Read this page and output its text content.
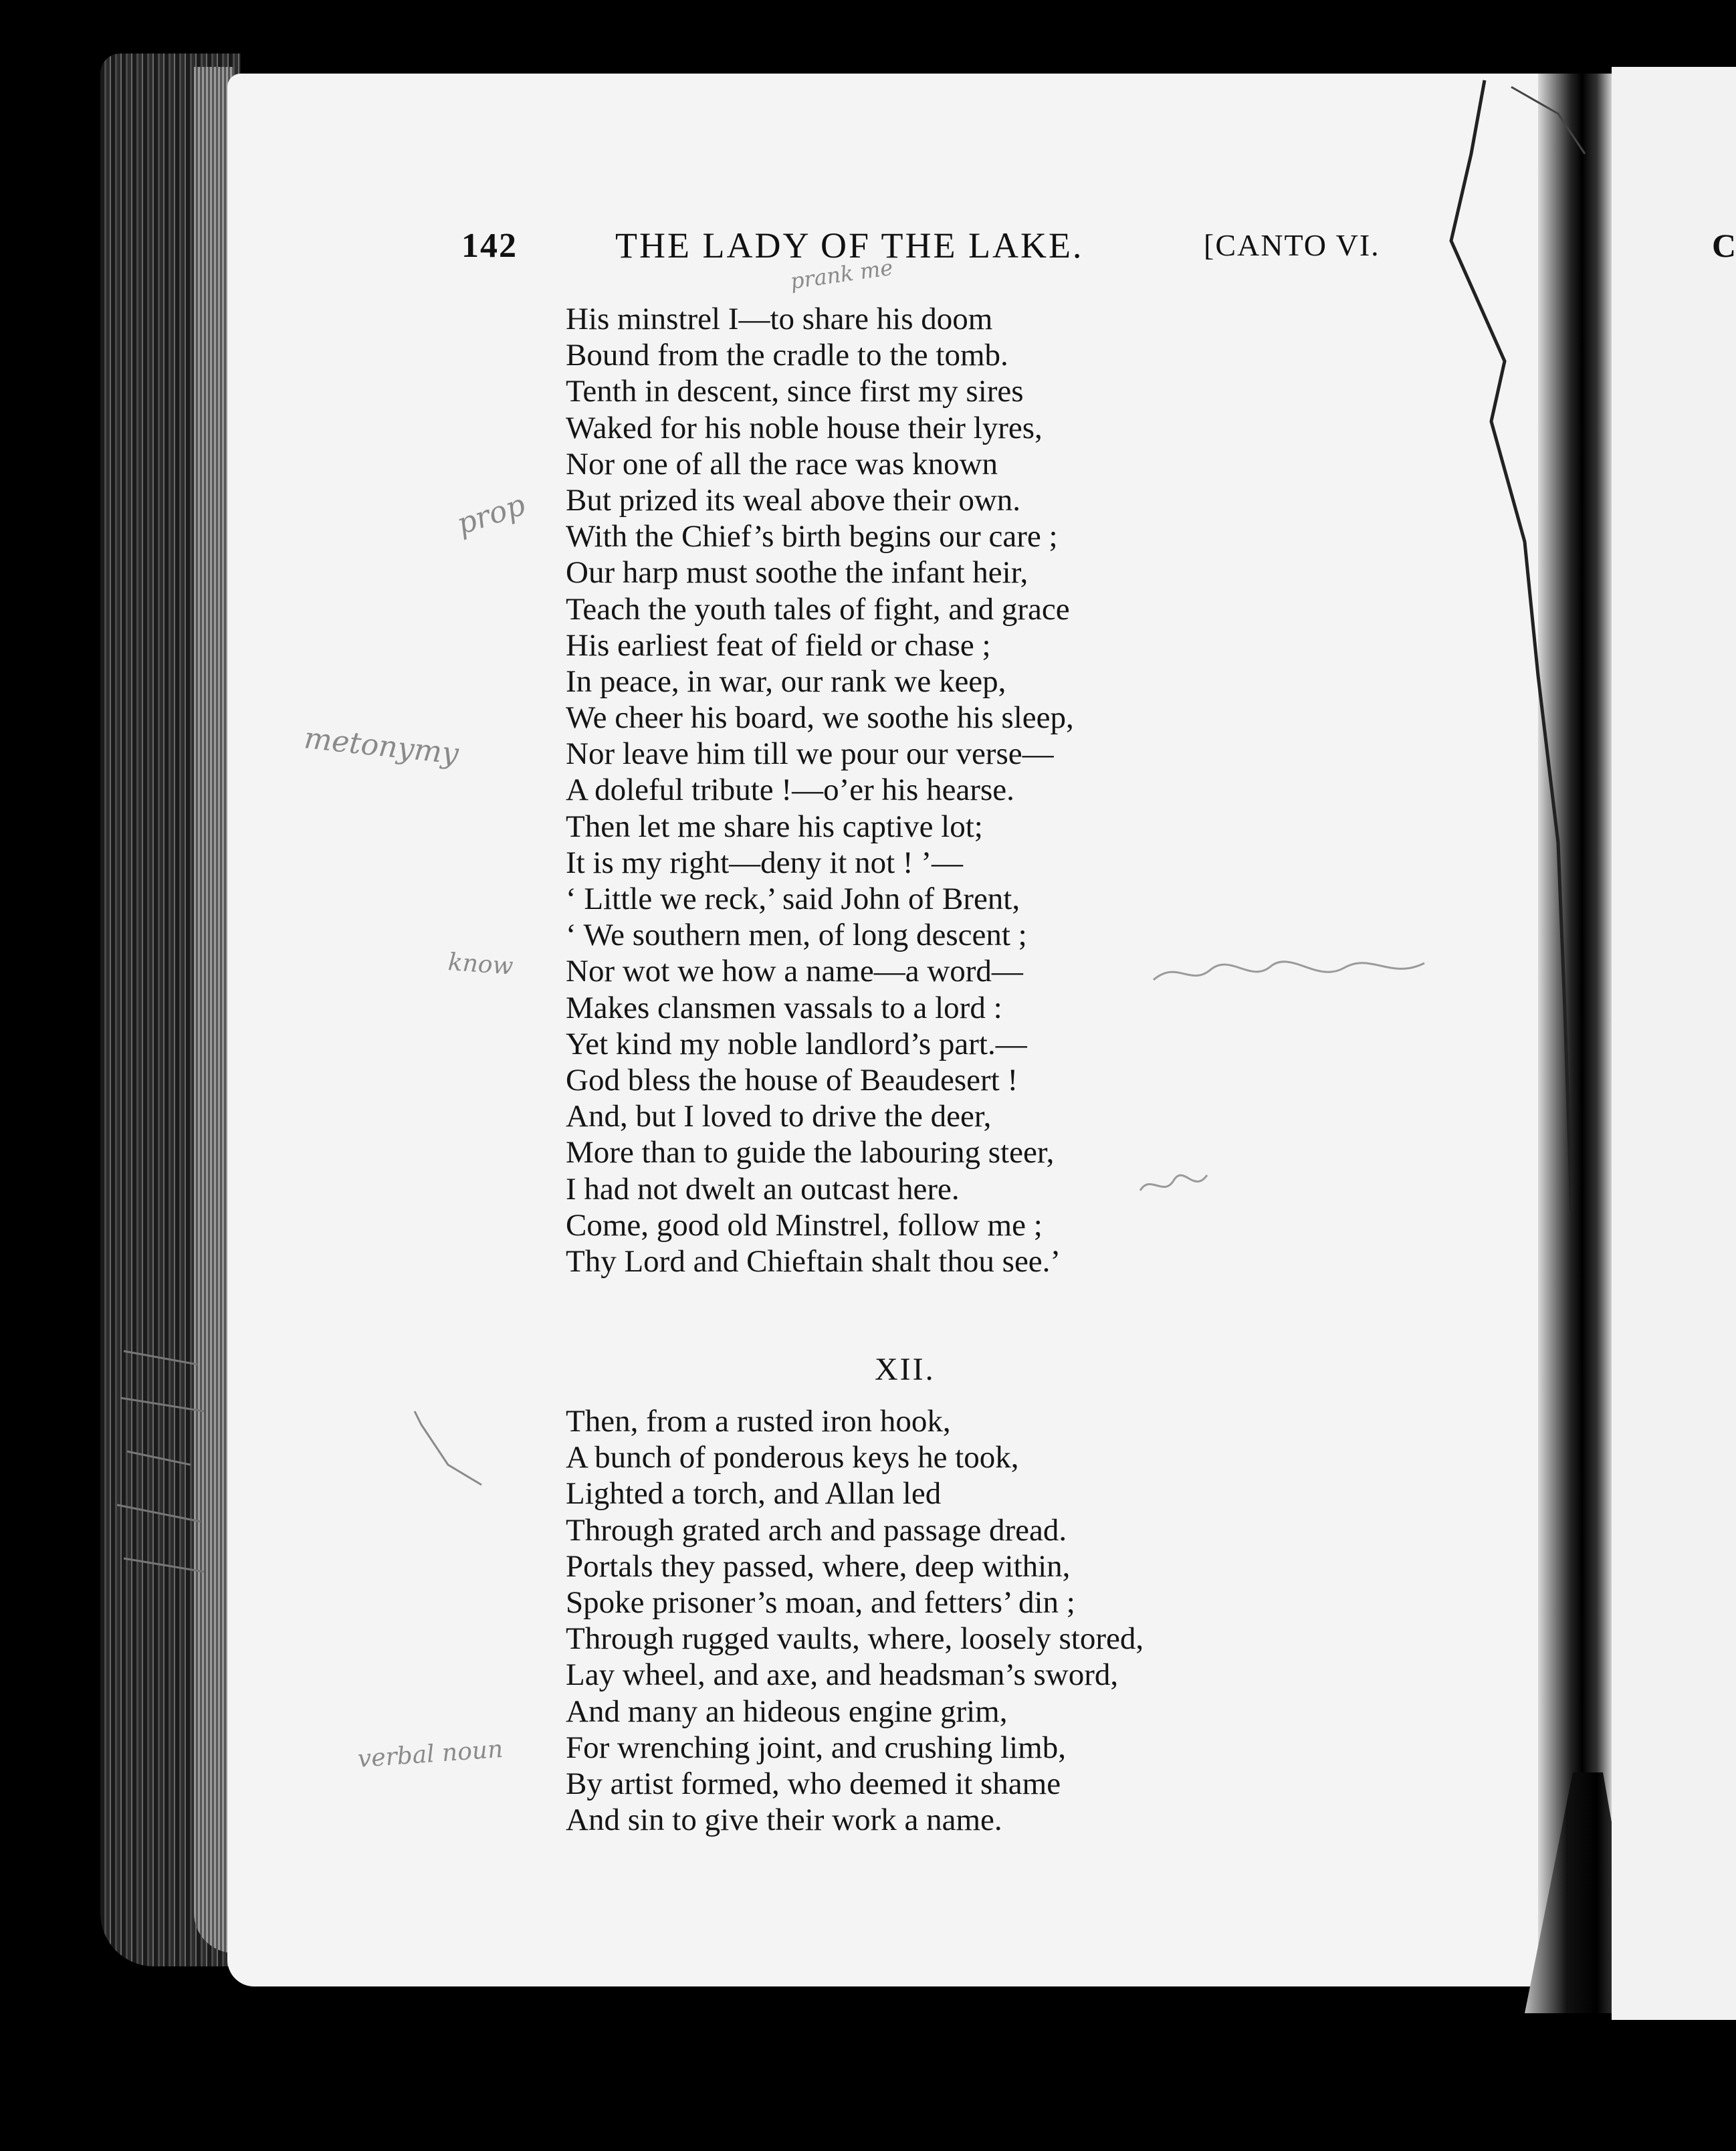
C
142	THE LADY OF THE LAKE.	[CANTO VI.
His minstrel I—to share his doom
Bound from the cradle to the tomb.
Tenth in descent, since first my sires
Waked for his noble house their lyres,
Nor one of all the race was known
But prized its weal above their own.
With the Chief’s birth begins our care ;
Our harp must soothe the infant heir,
Teach the youth tales of fight, and grace
His earliest feat of field or chase ;
In peace, in war, our rank we keep,
We cheer his board, we soothe his sleep,
Nor leave him till we pour our verse—
A doleful tribute !—o’er his hearse.
Then let me share his captive lot;
It is my right—deny it not ! ’—
‘ Little we reck,’ said John of Brent,
‘ We southern men, of long descent ;
Nor wot we how a name—a word—
Makes clansmen vassals to a lord :
Yet kind my noble landlord’s part.—
God bless the house of Beaudesert !
And, but I loved to drive the deer,
More than to guide the labouring steer,
I had not dwelt an outcast here.
Come, good old Minstrel, follow me ;
Thy Lord and Chieftain shalt thou see.’
XII.
Then, from a rusted iron hook,
A bunch of ponderous keys he took,
Lighted a torch, and Allan led
Through grated arch and passage dread.
Portals they passed, where, deep within,
Spoke prisoner’s moan, and fetters’ din ;
Through rugged vaults, where, loosely stored,
Lay wheel, and axe, and headsman’s sword,
And many an hideous engine grim,
For wrenching joint, and crushing limb,
By artist formed, who deemed it shame
And sin to give their work a name.
prank me
prop
metonymy
know
verbal noun
